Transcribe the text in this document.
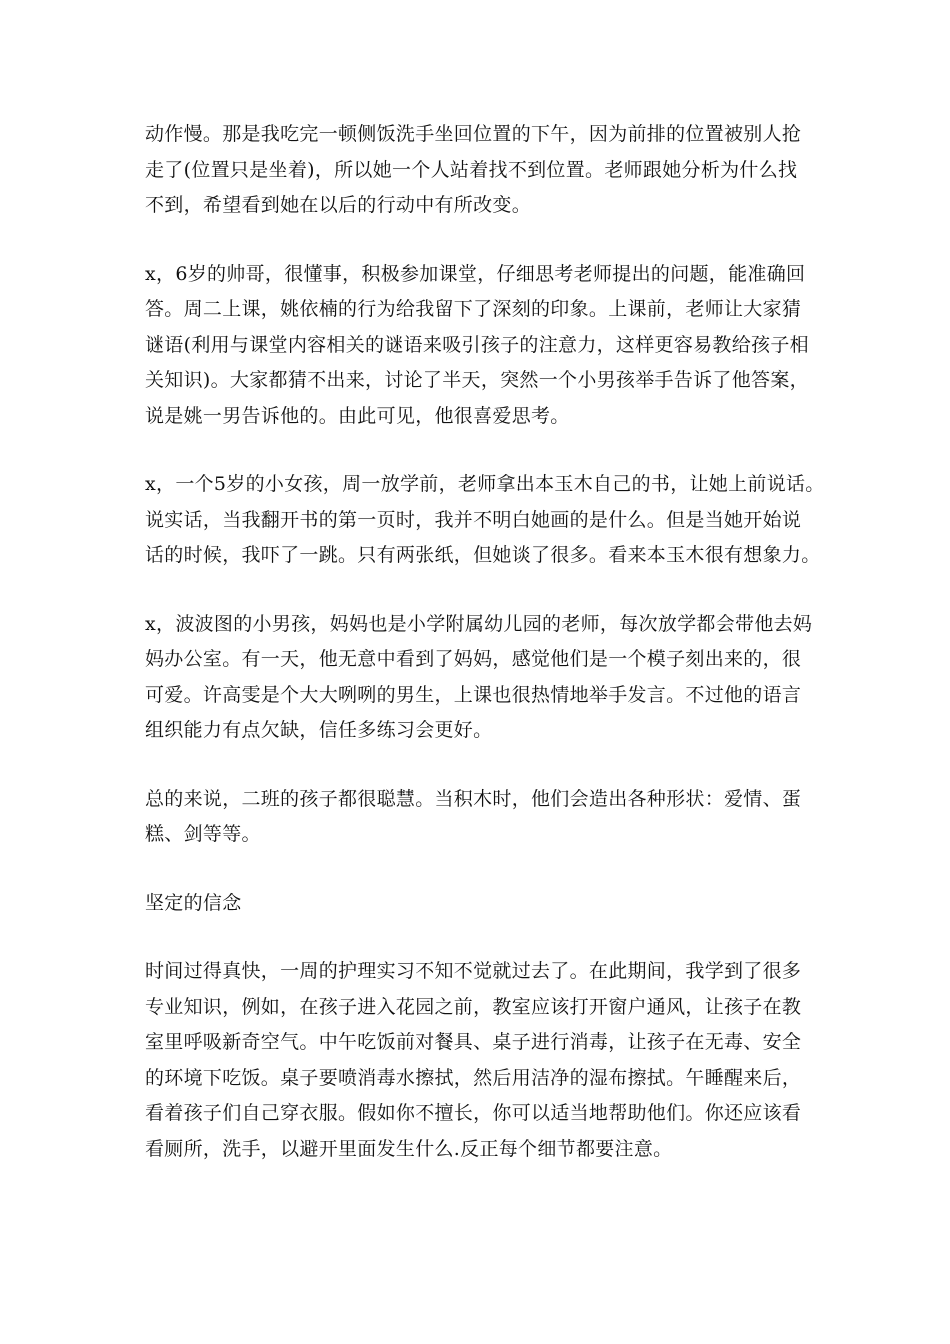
动作慢。那是我吃完一顿侧饭洗手坐回位置的下午，因为前排的位置被别人抢
走了(位置只是坐着)，所以她一个人站着找不到位置。老师跟她分析为什么找
不到，希望看到她在以后的行动中有所改变。
x，6岁的帅哥，很懂事，积极参加课堂，仔细思考老师提出的问题，能准确回
答。周二上课，姚依楠的行为给我留下了深刻的印象。上课前，老师让大家猜
谜语(利用与课堂内容相关的谜语来吸引孩子的注意力，这样更容易教给孩子相
关知识)。大家都猜不出来，讨论了半天，突然一个小男孩举手告诉了他答案，
说是姚一男告诉他的。由此可见，他很喜爱思考。
x，一个5岁的小女孩，周一放学前，老师拿出本玉木自己的书，让她上前说话。
说实话，当我翻开书的第一页时，我并不明白她画的是什么。但是当她开始说
话的时候，我吓了一跳。只有两张纸，但她谈了很多。看来本玉木很有想象力。
x，波波图的小男孩，妈妈也是小学附属幼儿园的老师，每次放学都会带他去妈
妈办公室。有一天，他无意中看到了妈妈，感觉他们是一个模子刻出来的，很
可爱。许高雯是个大大咧咧的男生，上课也很热情地举手发言。不过他的语言
组织能力有点欠缺，信任多练习会更好。
总的来说，二班的孩子都很聪慧。当积木时，他们会造出各种形状：爱情、蛋
糕、剑等等。
坚定的信念
时间过得真快，一周的护理实习不知不觉就过去了。在此期间，我学到了很多
专业知识，例如，在孩子进入花园之前，教室应该打开窗户通风，让孩子在教
室里呼吸新奇空气。中午吃饭前对餐具、桌子进行消毒，让孩子在无毒、安全
的环境下吃饭。桌子要喷消毒水擦拭，然后用洁净的湿布擦拭。午睡醒来后，
看着孩子们自己穿衣服。假如你不擅长，你可以适当地帮助他们。你还应该看
看厕所，洗手，以避开里面发生什么.反正每个细节都要注意。
